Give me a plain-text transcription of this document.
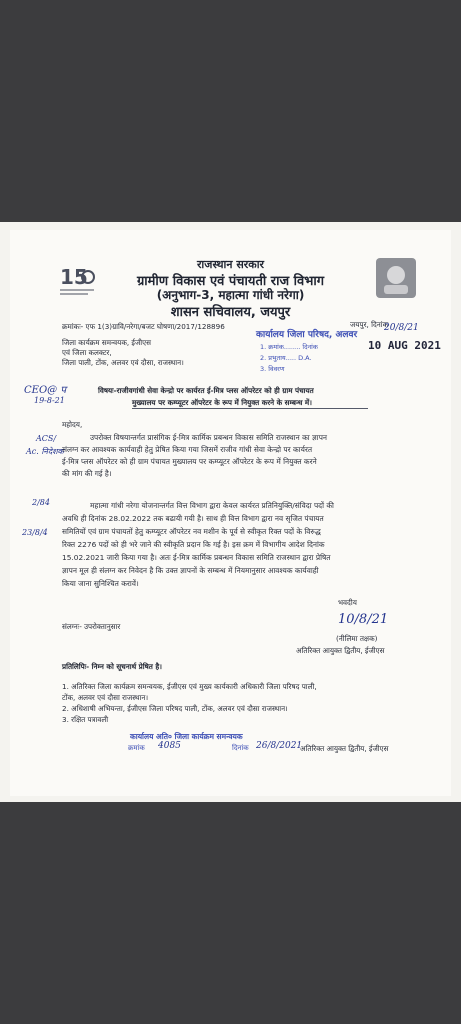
15
राजस्थान सरकार
ग्रामीण विकास एवं पंचायती राज विभाग
(अनुभाग-3, महात्मा गांधी नरेगा)
शासन सचिवालय, जयपुर
क्रमांकः- एफ 1(3)ग्रावि/नरेगा/बजट घोषणा/2017/128896	जयपुर, दिनांक
जिला कार्यक्रम समन्वयक, ईजीएस
एवं जिला कलक्टर,
जिला पाली, टोंक, अलवर एवं दौसा, राजस्थान।
कार्यालय जिला परिषद, अलवर
1. क्रमांक........ दिनांक
2. प्रभुताय..... D.A.
3. विवरण
10 AUG 2021
20/8/21
CEO@ प
19-8-21
विषयः-राजीवगांधी सेवा केन्द्रो पर कार्यरत ई-मित्र प्लस ऑपरेटर को ही ग्राम पंचायत
मुख्यालय पर कम्प्यूटर ऑपरेटर के रूप में नियुक्त करने के सम्बन्ध में।
महोदय,
ACS/
Ac. निदेशक
उपरोक्त विषयान्तर्गत प्रासंगिक ई-मित्र कार्मिक प्रबन्धन विकास समिति राजस्थान का ज्ञापन
संलग्न कर आवश्यक कार्यवाही हेतु प्रेषित किया गया जिसमें राजीव गांधी सेवा केन्द्रो पर कार्यरत
ई-मित्र प्लस ऑपरेटर को ही ग्राम पंचायत मुख्यालय पर कम्प्यूटर ऑपरेटर के रूप में नियुक्त करने
की मांग की गई है।
2/84
23/8/4
महात्मा गांधी नरेगा योजनान्तर्गत वित्त विभाग द्वारा केवल कार्यरत प्रतिनियुक्ति/संविदा पदों की
अवधि ही दिनांक 28.02.2022 तक बढायी गयी है। साथ ही वित्त विभाग द्वारा नव सृजित पंचायत
समितियों एवं ग्राम पंचायतों हेतु कम्प्यूटर ऑपरेटर नव मशीन के पूर्व से स्वीकृत रिक्त पदों के विरुद्ध
रिक्त 2276 पदों को ही भरे जाने की स्वीकृति प्रदान कि गई है। इस क्रम में विभागीय आदेश दिनांक
15.02.2021 जारी किया गया है। अतः ई-मित्र कार्मिक प्रबन्धन विकास समिति राजस्थान द्वारा प्रेषित
ज्ञापन मूल ही संलग्न कर निवेदन है कि उक्त ज्ञापनों के सम्बन्ध में नियमानुसार आवश्यक कार्यवाही
किया जाना सुनिश्चित करावें।
भवदीय
10/8/21
(नीलिमा तक्षक)
अतिरिक्त आयुक्त द्वितीय, ईजीएस
संलग्नः- उपरोक्तानुसार
प्रतिलिपिः- निम्न को सूचनार्थ प्रेषित है।
1. अतिरिक्त जिला कार्यक्रम समन्वयक, ईजीएस एवं मुख्य कार्यकारी अधिकारी जिला परिषद पाली,
टोंक, अलवर एवं दौसा राजस्थान।
2. अधिशाषी अभियन्ता, ईजीएस जिला परिषद पाली, टोंक, अलवर एवं दौसा राजस्थान।
3. रक्षित पत्रावली
कार्यालय अति० जिला कार्यक्रम समन्वयक
क्रमांक 4085	दिनांक 26/8/2021
अतिरिक्त आयुक्त द्वितीय, ईजीएस
